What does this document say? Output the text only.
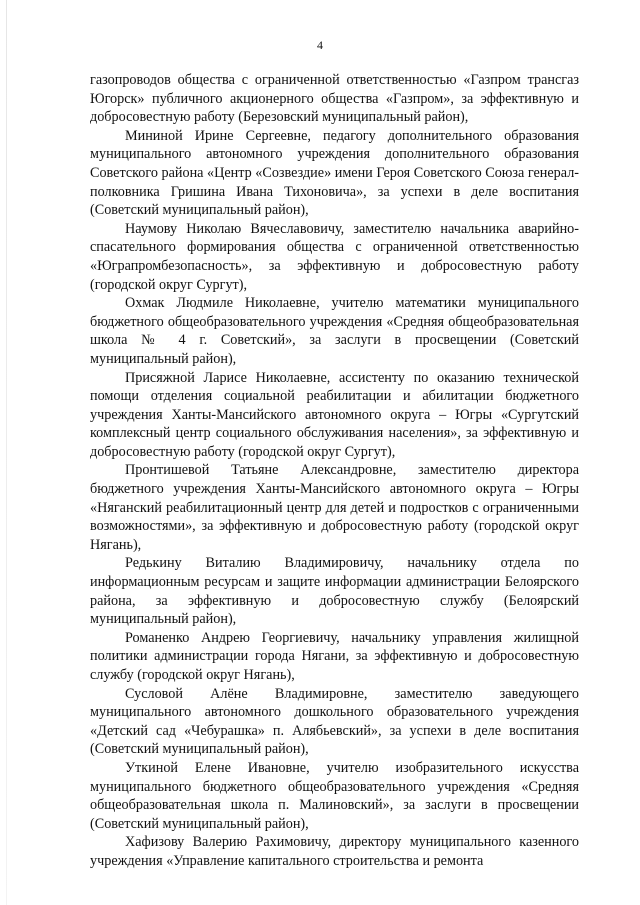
4

газопроводов общества с ограниченной ответственностью «Газпром трансгаз Югорск» публичного акционерного общества «Газпром», за эффективную и добросовестную работу (Березовский муниципальный район),

Мининой Ирине Сергеевне, педагогу дополнительного образования муниципального автономного учреждения дополнительного образования Советского района «Центр «Созвездие» имени Героя Советского Союза генерал-полковника Гришина Ивана Тихоновича», за успехи в деле воспитания (Советский муниципальный район),

Наумову Николаю Вячеславовичу, заместителю начальника аварийно-спасательного формирования общества с ограниченной ответственностью «Юграпромбезопасность», за эффективную и добросовестную работу (городской округ Сургут),

Охмак Людмиле Николаевне, учителю математики муниципального бюджетного общеобразовательного учреждения «Средняя общеобразовательная школа № 4 г. Советский», за заслуги в просвещении (Советский муниципальный район),

Присяжной Ларисе Николаевне, ассистенту по оказанию технической помощи отделения социальной реабилитации и абилитации бюджетного учреждения Ханты-Мансийского автономного округа – Югры «Сургутский комплексный центр социального обслуживания населения», за эффективную и добросовестную работу (городской округ Сургут),

Пронтишевой Татьяне Александровне, заместителю директора бюджетного учреждения Ханты-Мансийского автономного округа – Югры «Няганский реабилитационный центр для детей и подростков с ограниченными возможностями», за эффективную и добросовестную работу (городской округ Нягань),

Редькину Виталию Владимировичу, начальнику отдела по информационным ресурсам и защите информации администрации Белоярского района, за эффективную и добросовестную службу (Белоярский муниципальный район),

Романенко Андрею Георгиевичу, начальнику управления жилищной политики администрации города Нягани, за эффективную и добросовестную службу (городской округ Нягань),

Сусловой Алёне Владимировне, заместителю заведующего муниципального автономного дошкольного образовательного учреждения «Детский сад «Чебурашка» п. Алябьевский», за успехи в деле воспитания (Советский муниципальный район),

Уткиной Елене Ивановне, учителю изобразительного искусства муниципального бюджетного общеобразовательного учреждения «Средняя общеобразовательная школа п. Малиновский», за заслуги в просвещении (Советский муниципальный район),

Хафизову Валерию Рахимовичу, директору муниципального казенного учреждения «Управление капитального строительства и ремонта
